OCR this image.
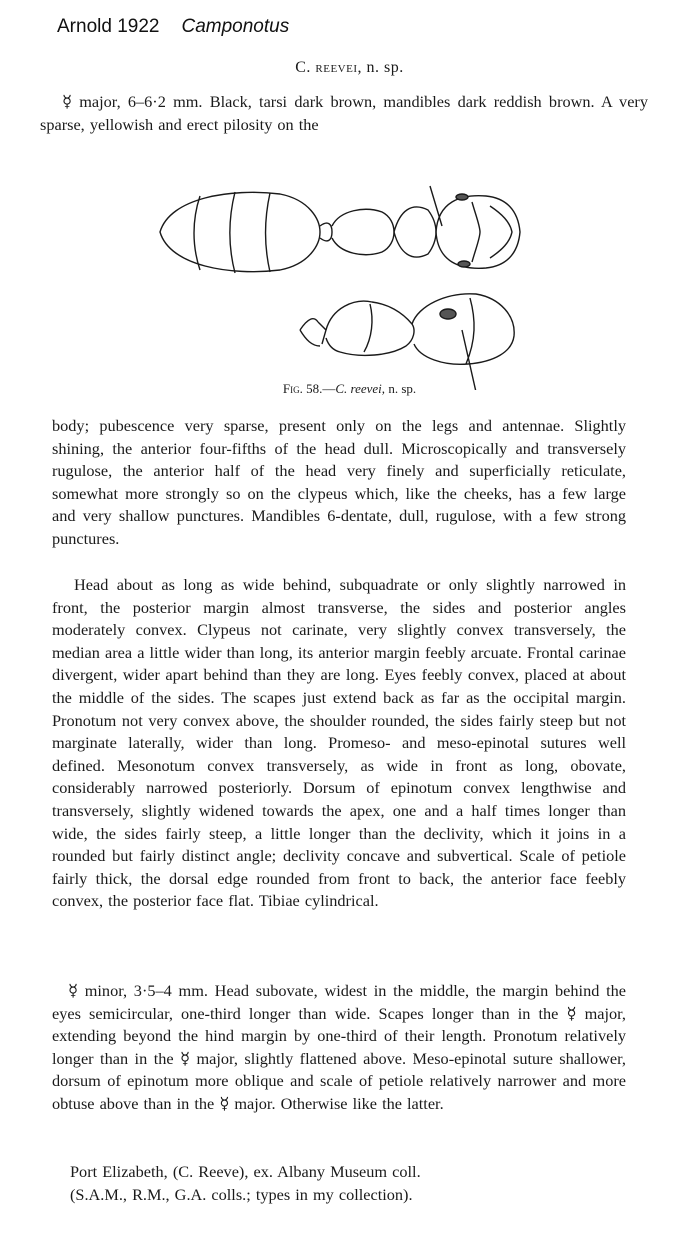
Arnold 1922 Camponotus
C. reevei, n. sp.
☿ major, 6–6·2 mm. Black, tarsi dark brown, mandibles dark reddish brown. A very sparse, yellowish and erect pilosity on the
Fig. 58.—C. reevei, n. sp.
body; pubescence very sparse, present only on the legs and antennae. Slightly shining, the anterior four-fifths of the head dull. Microscopically and transversely rugulose, the anterior half of the head very finely and superficially reticulate, somewhat more strongly so on the clypeus which, like the cheeks, has a few large and very shallow punctures. Mandibles 6-dentate, dull, rugulose, with a few strong punctures.
Head about as long as wide behind, subquadrate or only slightly narrowed in front, the posterior margin almost transverse, the sides and posterior angles moderately convex. Clypeus not carinate, very slightly convex transversely, the median area a little wider than long, its anterior margin feebly arcuate. Frontal carinae divergent, wider apart behind than they are long. Eyes feebly convex, placed at about the middle of the sides. The scapes just extend back as far as the occipital margin. Pronotum not very convex above, the shoulder rounded, the sides fairly steep but not marginate laterally, wider than long. Promeso- and meso-epinotal sutures well defined. Mesonotum convex transversely, as wide in front as long, obovate, considerably narrowed posteriorly. Dorsum of epinotum convex lengthwise and transversely, slightly widened towards the apex, one and a half times longer than wide, the sides fairly steep, a little longer than the declivity, which it joins in a rounded but fairly distinct angle; declivity concave and subvertical. Scale of petiole fairly thick, the dorsal edge rounded from front to back, the anterior face feebly convex, the posterior face flat. Tibiae cylindrical.
☿ minor, 3·5–4 mm. Head subovate, widest in the middle, the margin behind the eyes semicircular, one-third longer than wide. Scapes longer than in the ☿ major, extending beyond the hind margin by one-third of their length. Pronotum relatively longer than in the ☿ major, slightly flattened above. Meso-epinotal suture shallower, dorsum of epinotum more oblique and scale of petiole relatively narrower and more obtuse above than in the ☿ major. Otherwise like the latter.
Port Elizabeth, (C. Reeve), ex. Albany Museum coll.
(S.A.M., R.M., G.A. colls.; types in my collection).
